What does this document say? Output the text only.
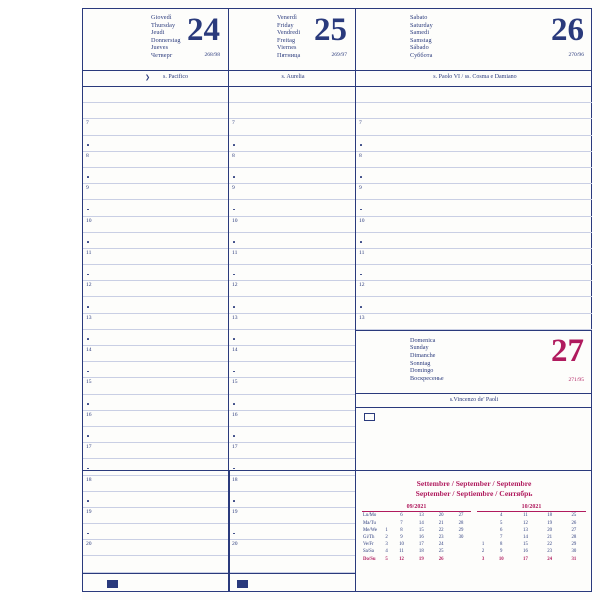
Giovedì
Thursday
Jeudi
Donnerstag
Jueves
Четверг
24
268/98
❯ s. Pacifico
7
8
9
10
11
12
13
14
15
16
17
18
19
20
Venerdì
Friday
Vendredi
Freitag
Viernes
Пятница
25
269/97
s. Aurelia
7
8
9
10
11
12
13
14
15
16
17
18
19
20
Sabato
Saturday
Samedi
Samstag
Sábado
Суббота
26
270/96
s. Paolo VI / ss. Cosma e Damiano
7
8
9
10
11
12
13
Domenica
Sunday
Dimanche
Sonntag
Domingo
Воскресенье
27
271/95
s.Vincenzo de' Paoli
Settembre / September / Septembre
September / Septiembre / Сентябрь
09/2021
Lu/Mo		6	13	20	27
Ma/Tu		7	14	21	28
Me/We	1	8	15	22	29
Gi/Th	2	9	16	23	30
Ve/Fr	3	10	17	24	
Sa/Sa	4	11	18	25	
Do/Su	5	12	19	26	
10/2021
	4	11	18	25
	5	12	19	26
	6	13	20	27
	7	14	21	28
1	8	15	22	29
2	9	16	23	30
3	10	17	24	31
